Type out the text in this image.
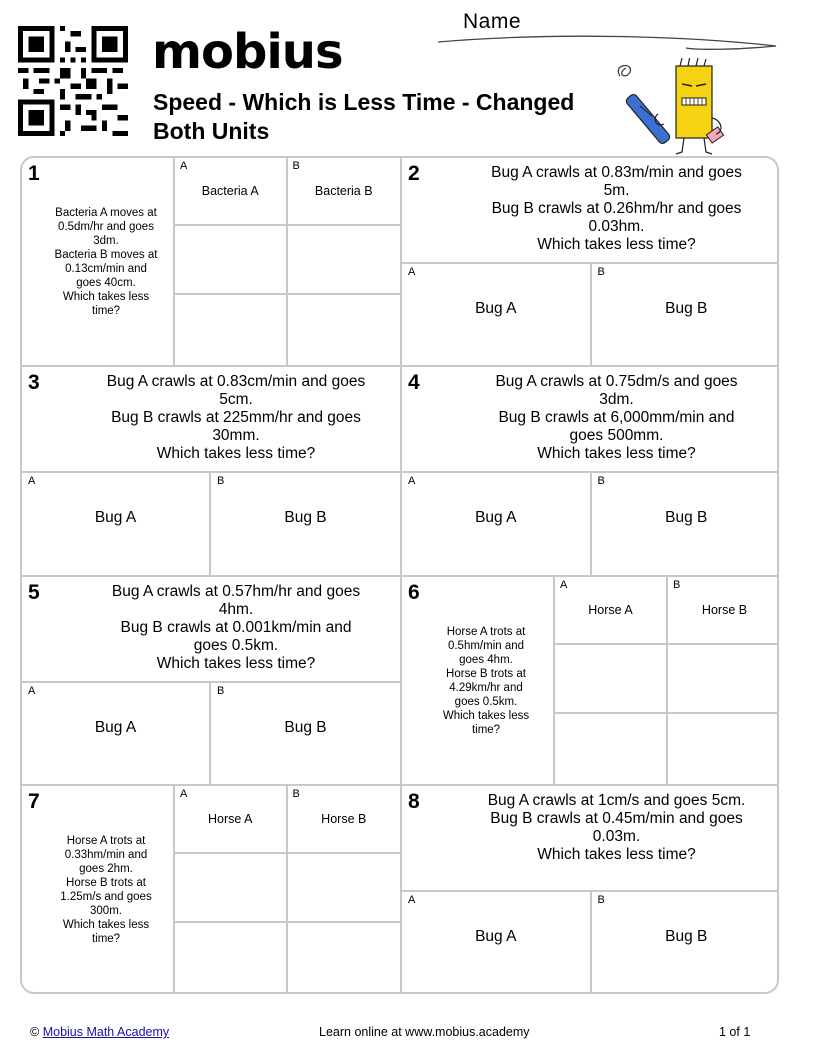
mobius
Speed - Which is Less Time - Changed Both Units
Name
1
Bacteria A moves at 0.5dm/hr and goes 3dm.
Bacteria B moves at 0.13cm/min and goes 40cm.
Which takes less time?
A
Bacteria A
B
Bacteria B
2	Bug A crawls at 0.83m/min and goes
5m.
Bug B crawls at 0.26hm/hr and goes
0.03hm.
Which takes less time?
A
Bug A
B
Bug B
3	Bug A crawls at 0.83cm/min and goes
5cm.
Bug B crawls at 225mm/hr and goes
30mm.
Which takes less time?
A
Bug A
B
Bug B
4	Bug A crawls at 0.75dm/s and goes
3dm.
Bug B crawls at 6,000mm/min and
goes 500mm.
Which takes less time?
A
Bug A
B
Bug B
5	Bug A crawls at 0.57hm/hr and goes
4hm.
Bug B crawls at 0.001km/min and
goes 0.5km.
Which takes less time?
A
Bug A
B
Bug B
6
Horse A trots at 0.5hm/min and goes 4hm.
Horse B trots at 4.29km/hr and goes 0.5km.
Which takes less time?
A
Horse A
B
Horse B
7
Horse A trots at 0.33hm/min and goes 2hm.
Horse B trots at 1.25m/s and goes 300m.
Which takes less time?
A
Horse A
B
Horse B
8	Bug A crawls at 1cm/s and goes 5cm.
Bug B crawls at 0.45m/min and goes
0.03m.
Which takes less time?
A
Bug A
B
Bug B
© Mobius Math Academy	Learn online at www.mobius.academy	1 of 1
